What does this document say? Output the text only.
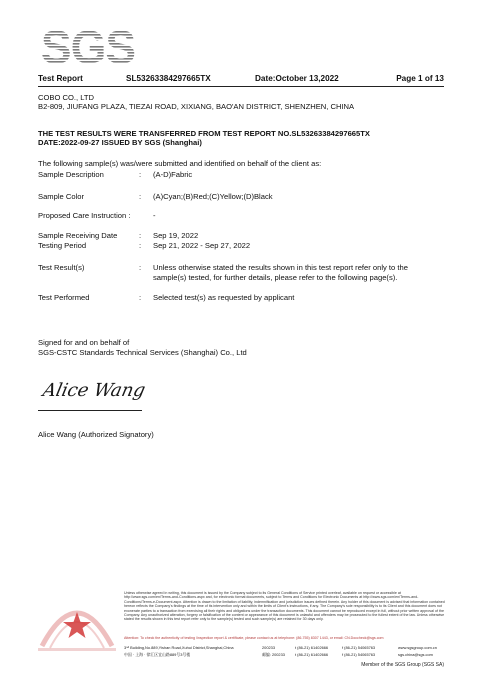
SGS
Test Report	SL53263384297665TX	Date:October 13,2022	Page 1 of 13
COBO CO., LTD
B2-809, JIUFANG PLAZA, TIEZAI ROAD, XIXIANG, BAO'AN DISTRICT, SHENZHEN, CHINA
THE TEST RESULTS WERE TRANSFERRED FROM TEST REPORT NO.SL53263384297665TX
DATE:2022-09-27 ISSUED BY SGS (Shanghai)
The following sample(s) was/were submitted and identified on behalf of the client as:
Sample Description	: (A-D)Fabric
Sample Color	: (A)Cyan;(B)Red;(C)Yellow;(D)Black
Proposed Care Instruction :	-
Sample Receiving Date	: Sep 19, 2022
Testing Period	: Sep 21, 2022 - Sep 27, 2022
Test Result(s)	: Unless otherwise stated the results shown in this test report refer only to the sample(s) tested, for further details, please refer to the following page(s).
Test Performed	: Selected test(s) as requested by applicant
Signed for and on behalf of
SGS-CSTC Standards Technical Services (Shanghai) Co., Ltd
Alice Wang
Alice Wang (Authorized Signatory)
Unless otherwise agreed in writing, this document is issued by the Company subject to its General Conditions of Service printed overleaf, available on request or accessible at http://www.sgs.com/en/Terms-and-Conditions.aspx and, for electronic format documents, subject to Terms and Conditions for Electronic Documents at http://www.sgs.com/en/Terms-and-Conditions/Terms-e-Document.aspx. Attention is drawn to the limitation of liability, indemnification and jurisdiction issues defined therein. Any holder of this document is advised that information contained hereon reflects the Company's findings at the time of its intervention only and within the limits of Client's instructions, if any. The Company's sole responsibility is to its Client and this document does not exonerate parties to a transaction from exercising all their rights and obligations under the transaction documents. This document cannot be reproduced except in full, without prior written approval of the Company. Any unauthorized alteration, forgery or falsification of the content or appearance of this document is unlawful and offenders may be prosecuted to the fullest extent of the law. Unless otherwise stated the results shown in this test report refer only to the sample(s) tested and such sample(s) are retained for 30 days only.
Attention: To check the authenticity of testing /inspection report & certificate, please contact us at telephone: (86-755) 8307 1443, or email: CN.Doccheck@sgs.com
3ⁿᵈ Building,No.889,Yishan Road,Xuhui District,Shanghai,China	200233	t (86-21) 61402666	f (86-21) 54065763	www.sgsgroup.com.cn
中国 · 上海 · 徐汇区宜山路889号3号楼	邮编: 200233	t (86-21) 61402666	f (86-21) 54065763	sgs.china@sgs.com
Member of the SGS Group (SGS SA)
